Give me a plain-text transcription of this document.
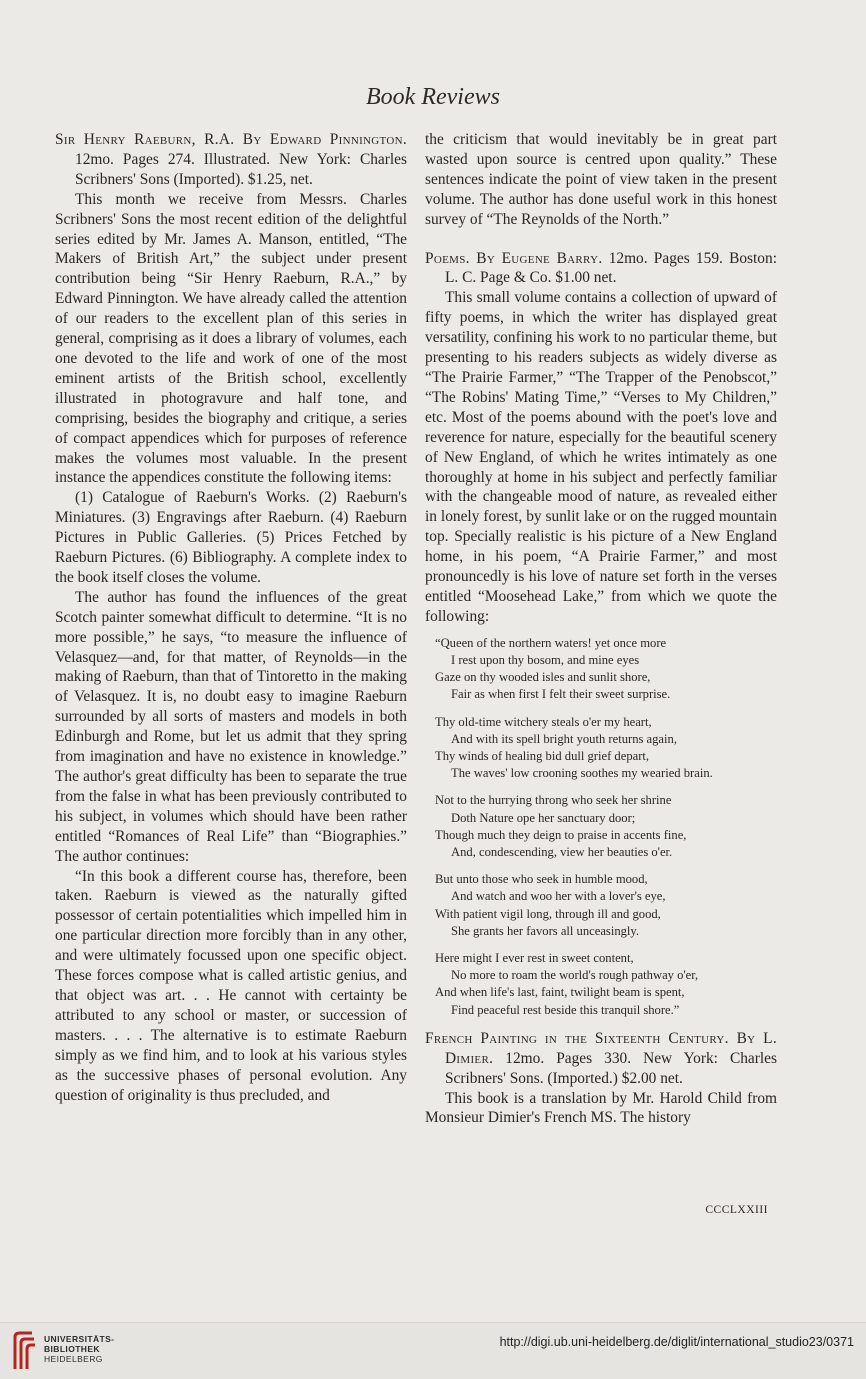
Book Reviews

Sir Henry Raeburn, R.A. By Edward Pinnington. 12mo. Pages 274. Illustrated. New York: Charles Scribners' Sons (Imported). $1.25, net.

This month we receive from Messrs. Charles Scribners' Sons the most recent edition of the delightful series edited by Mr. James A. Manson, entitled, “The Makers of British Art,” the subject under present contribution being “Sir Henry Raeburn, R.A.,” by Edward Pinnington. We have already called the attention of our readers to the excellent plan of this series in general, comprising as it does a library of volumes, each one devoted to the life and work of one of the most eminent artists of the British school, excellently illustrated in photogravure and half tone, and comprising, besides the biography and critique, a series of compact appendices which for purposes of reference makes the volumes most valuable. In the present instance the appendices constitute the following items:

(1) Catalogue of Raeburn's Works. (2) Raeburn's Miniatures. (3) Engravings after Raeburn. (4) Raeburn Pictures in Public Galleries. (5) Prices Fetched by Raeburn Pictures. (6) Bibliography. A complete index to the book itself closes the volume.

The author has found the influences of the great Scotch painter somewhat difficult to determine. “It is no more possible,” he says, “to measure the influence of Velasquez—and, for that matter, of Reynolds—in the making of Raeburn, than that of Tintoretto in the making of Velasquez. It is, no doubt easy to imagine Raeburn surrounded by all sorts of masters and models in both Edinburgh and Rome, but let us admit that they spring from imagination and have no existence in knowledge.” The author's great difficulty has been to separate the true from the false in what has been previously contributed to his subject, in volumes which should have been rather entitled “Romances of Real Life” than “Biographies.” The author continues:

“In this book a different course has, therefore, been taken. Raeburn is viewed as the naturally gifted possessor of certain potentialities which impelled him in one particular direction more forcibly than in any other, and were ultimately focussed upon one specific object. These forces compose what is called artistic genius, and that object was art. . . He cannot with certainty be attributed to any school or master, or succession of masters. . . . The alternative is to estimate Raeburn simply as we find him, and to look at his various styles as the successive phases of personal evolution. Any question of originality is thus precluded, and

the criticism that would inevitably be in great part wasted upon source is centred upon quality.” These sentences indicate the point of view taken in the present volume. The author has done useful work in this honest survey of “The Reynolds of the North.”

Poems. By Eugene Barry. 12mo. Pages 159. Boston: L. C. Page & Co. $1.00 net.

This small volume contains a collection of upward of fifty poems, in which the writer has displayed great versatility, confining his work to no particular theme, but presenting to his readers subjects as widely diverse as “The Prairie Farmer,” “The Trapper of the Penobscot,” “The Robins' Mating Time,” “Verses to My Children,” etc. Most of the poems abound with the poet's love and reverence for nature, especially for the beautiful scenery of New England, of which he writes intimately as one thoroughly at home in his subject and perfectly familiar with the changeable mood of nature, as revealed either in lonely forest, by sunlit lake or on the rugged mountain top. Specially realistic is his picture of a New England home, in his poem, “A Prairie Farmer,” and most pronouncedly is his love of nature set forth in the verses entitled “Moosehead Lake,” from which we quote the following:

“Queen of the northern waters! yet once more
I rest upon thy bosom, and mine eyes
Gaze on thy wooded isles and sunlit shore,
Fair as when first I felt their sweet surprise.
Thy old-time witchery steals o'er my heart,
And with its spell bright youth returns again,
Thy winds of healing bid dull grief depart,
The waves' low crooning soothes my wearied brain.
Not to the hurrying throng who seek her shrine
Doth Nature ope her sanctuary door;
Though much they deign to praise in accents fine,
And, condescending, view her beauties o'er.
But unto those who seek in humble mood,
And watch and woo her with a lover's eye,
With patient vigil long, through ill and good,
She grants her favors all unceasingly.
Here might I ever rest in sweet content,
No more to roam the world's rough pathway o'er,
And when life's last, faint, twilight beam is spent,
Find peaceful rest beside this tranquil shore.”

French Painting in the Sixteenth Century. By L. Dimier. 12mo. Pages 330. New York: Charles Scribners' Sons. (Imported.) $2.00 net.

This book is a translation by Mr. Harold Child from Monsieur Dimier's French MS. The history

CCCLXXIII
UNIVERSITÄTS-
BIBLIOTHEK
HEIDELBERG
http://digi.ub.uni-heidelberg.de/diglit/international_studio23/0371
